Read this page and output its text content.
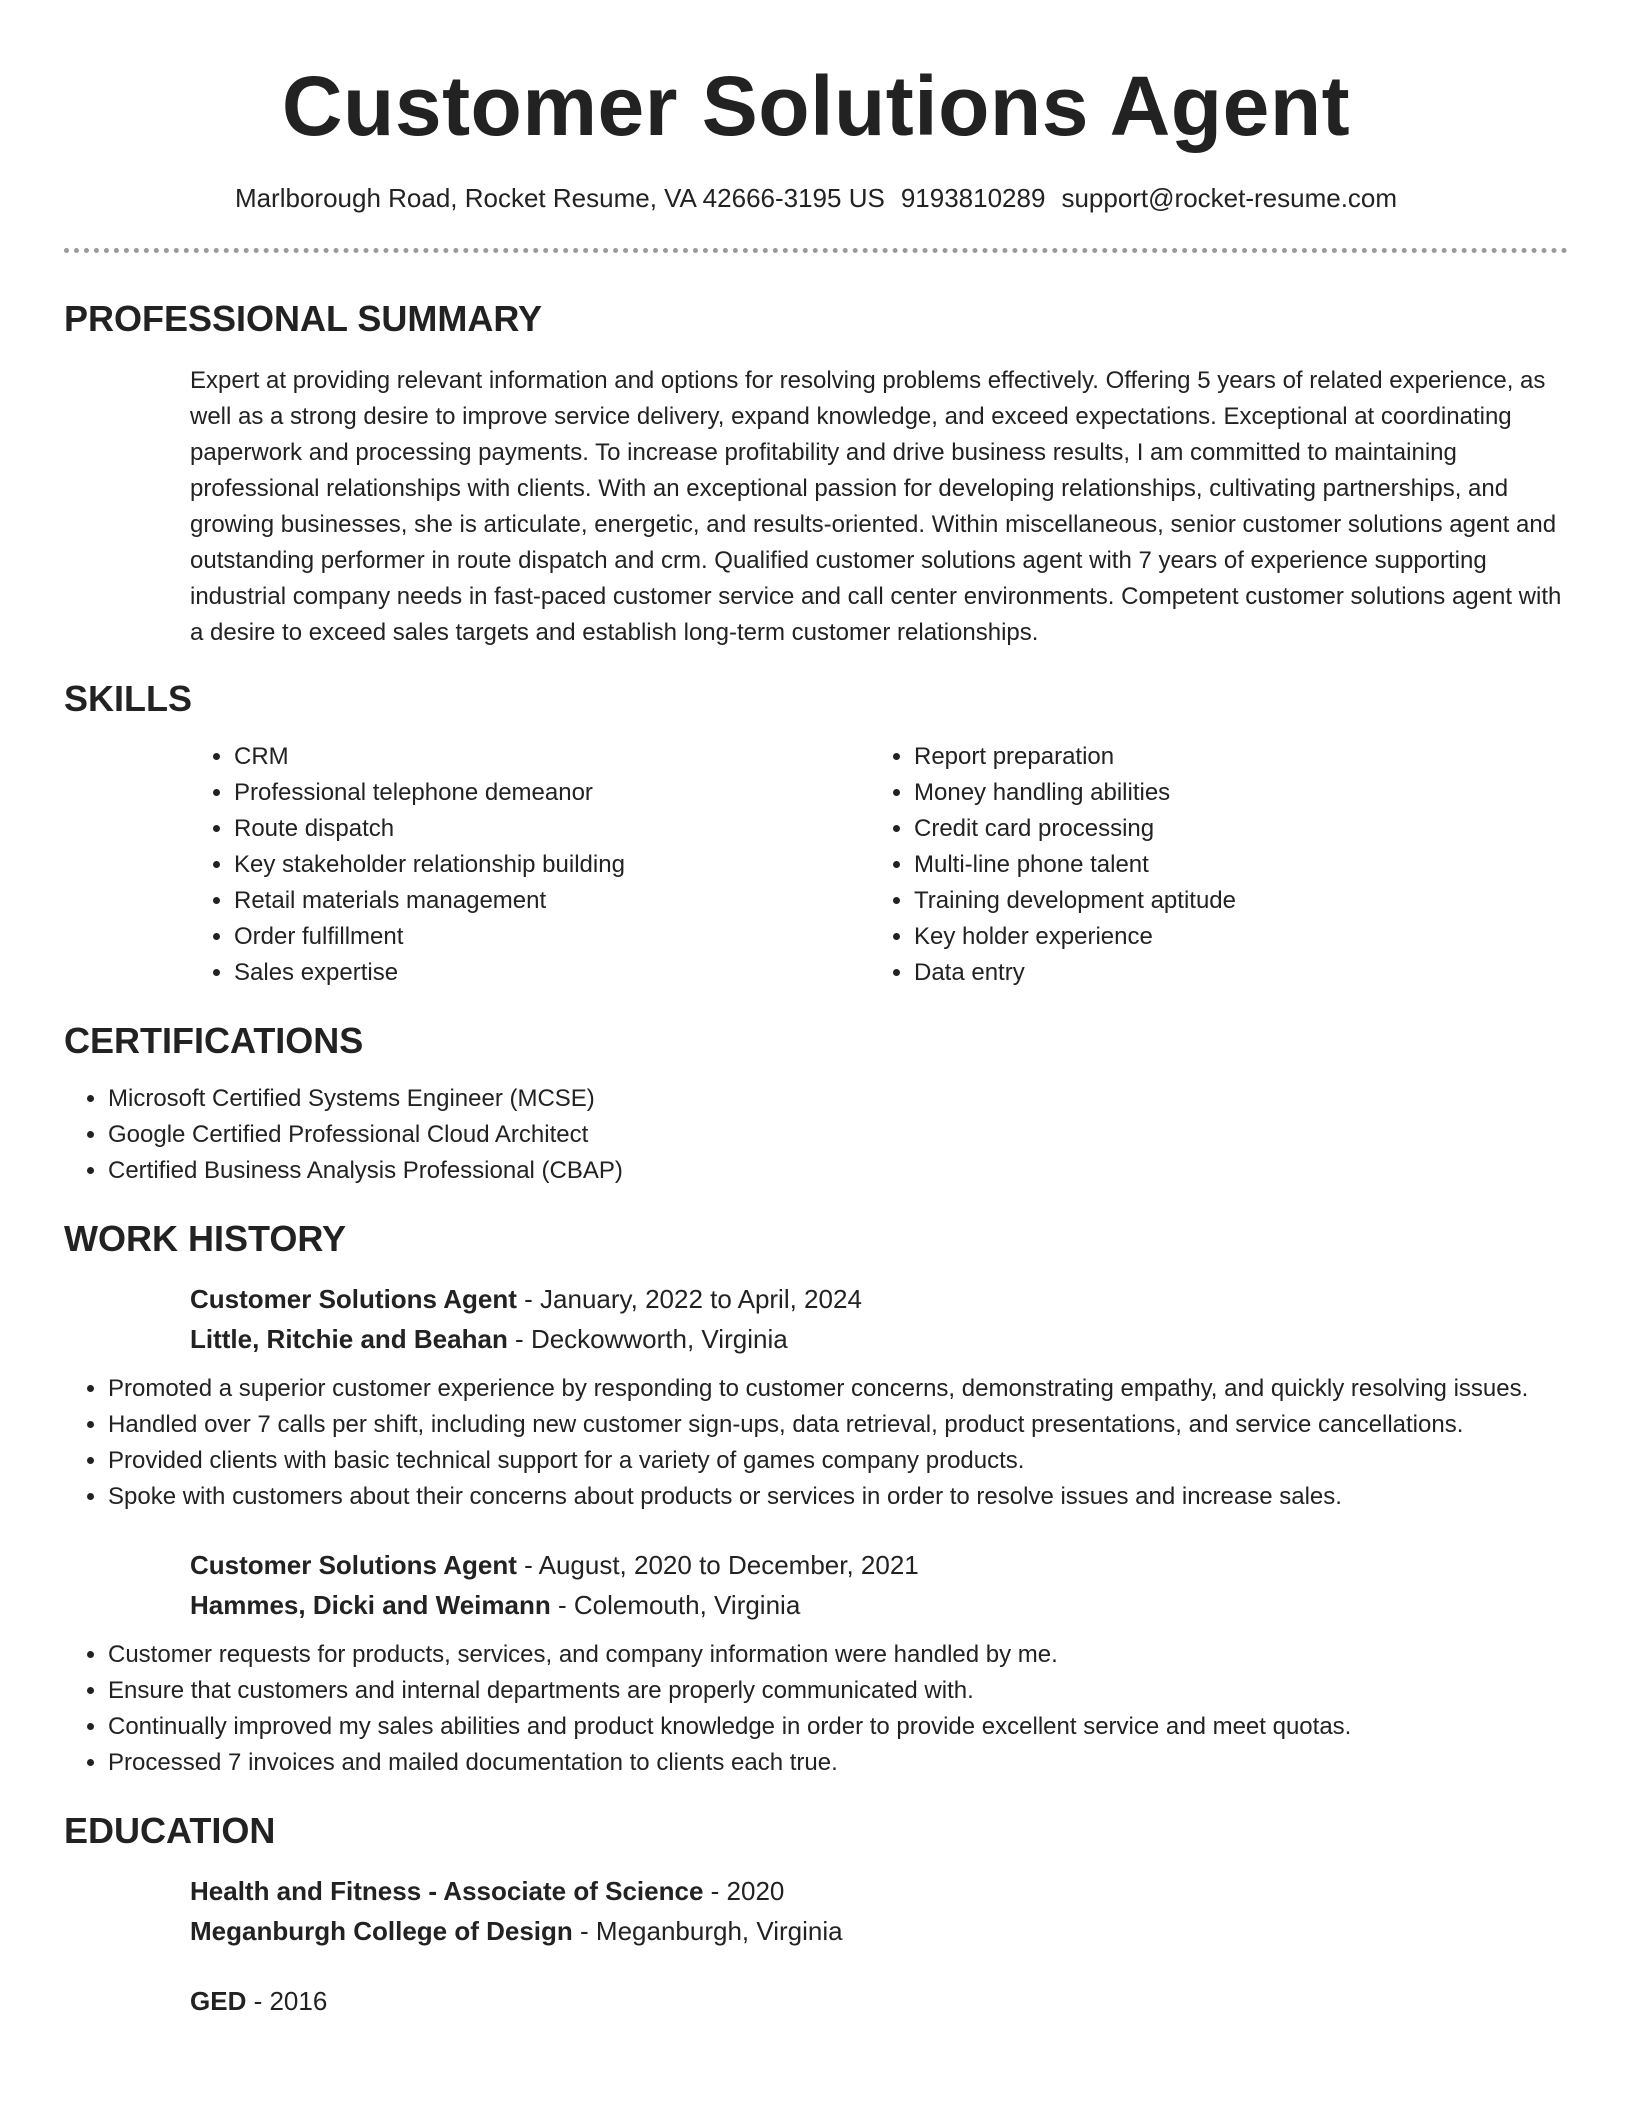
Customer Solutions Agent
Marlborough Road, Rocket Resume, VA 42666-3195 US 9193810289 support@rocket-resume.com
PROFESSIONAL SUMMARY
Expert at providing relevant information and options for resolving problems effectively. Offering 5 years of related experience, as well as a strong desire to improve service delivery, expand knowledge, and exceed expectations. Exceptional at coordinating paperwork and processing payments. To increase profitability and drive business results, I am committed to maintaining professional relationships with clients. With an exceptional passion for developing relationships, cultivating partnerships, and growing businesses, she is articulate, energetic, and results-oriented. Within miscellaneous, senior customer solutions agent and outstanding performer in route dispatch and crm. Qualified customer solutions agent with 7 years of experience supporting industrial company needs in fast-paced customer service and call center environments. Competent customer solutions agent with a desire to exceed sales targets and establish long-term customer relationships.
SKILLS
• CRM
• Professional telephone demeanor
• Route dispatch
• Key stakeholder relationship building
• Retail materials management
• Order fulfillment
• Sales expertise
• Report preparation
• Money handling abilities
• Credit card processing
• Multi-line phone talent
• Training development aptitude
• Key holder experience
• Data entry
CERTIFICATIONS
• Microsoft Certified Systems Engineer (MCSE)
• Google Certified Professional Cloud Architect
• Certified Business Analysis Professional (CBAP)
WORK HISTORY
Customer Solutions Agent - January, 2022 to April, 2024
Little, Ritchie and Beahan - Deckowworth, Virginia
• Promoted a superior customer experience by responding to customer concerns, demonstrating empathy, and quickly resolving issues.
• Handled over 7 calls per shift, including new customer sign-ups, data retrieval, product presentations, and service cancellations.
• Provided clients with basic technical support for a variety of games company products.
• Spoke with customers about their concerns about products or services in order to resolve issues and increase sales.
Customer Solutions Agent - August, 2020 to December, 2021
Hammes, Dicki and Weimann - Colemouth, Virginia
• Customer requests for products, services, and company information were handled by me.
• Ensure that customers and internal departments are properly communicated with.
• Continually improved my sales abilities and product knowledge in order to provide excellent service and meet quotas.
• Processed 7 invoices and mailed documentation to clients each true.
EDUCATION
Health and Fitness - Associate of Science - 2020
Meganburgh College of Design - Meganburgh, Virginia
GED - 2016
